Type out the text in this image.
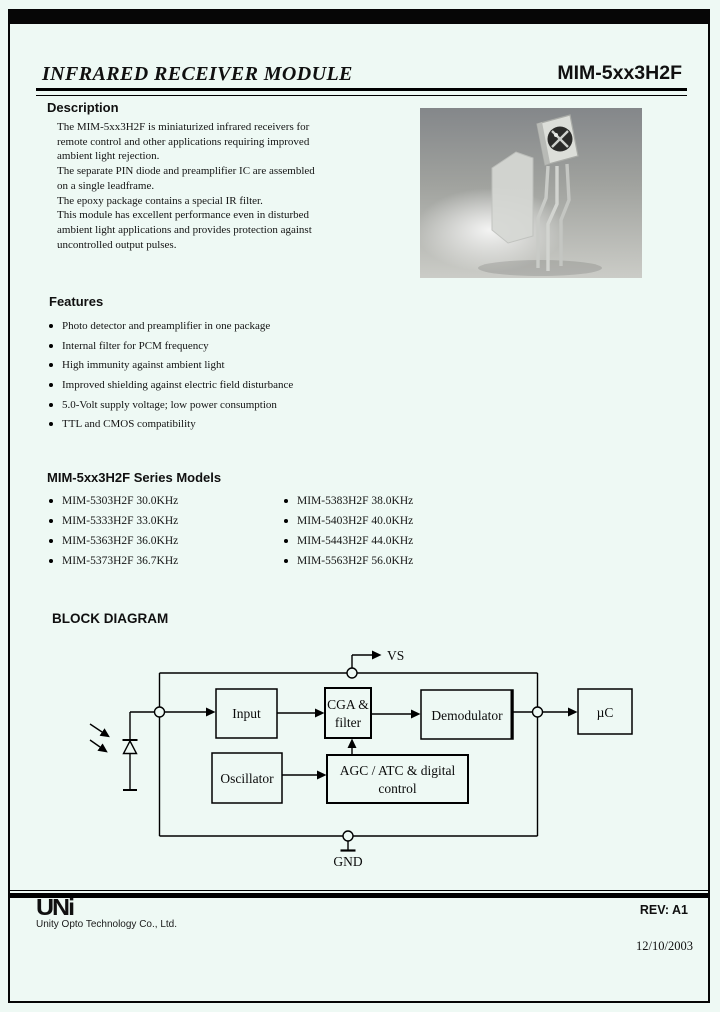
INFRARED RECEIVER MODULE	MIM-5xx3H2F
Description
The MIM-5xx3H2F is miniaturized infrared receivers for
remote control and other applications requiring improved
ambient light rejection.
The separate PIN diode and preamplifier IC are assembled
on a single leadframe.
The epoxy package contains a special IR filter.
This module has excellent performance even in disturbed
ambient light applications and provides protection against
uncontrolled output pulses.
Features
Photo detector and preamplifier in one package
Internal filter for PCM frequency
High immunity against ambient light
Improved shielding against electric field disturbance
5.0-Volt supply voltage; low power consumption
TTL and CMOS compatibility
MIM-5xx3H2F Series Models
MIM-5303H2F 30.0KHz
MIM-5333H2F 33.0KHz
MIM-5363H2F 36.0KHz
MIM-5373H2F 36.7KHz
MIM-5383H2F 38.0KHz
MIM-5403H2F 40.0KHz
MIM-5443H2F 44.0KHz
MIM-5563H2F 56.0KHz
BLOCK DIAGRAM
VS
GND
Input
CGA &
filter	Demodulator	µC
Oscillator
AGC / ATC & digital
control
UNi
Unity Opto Technology Co., Ltd.
REV: A1
12/10/2003
